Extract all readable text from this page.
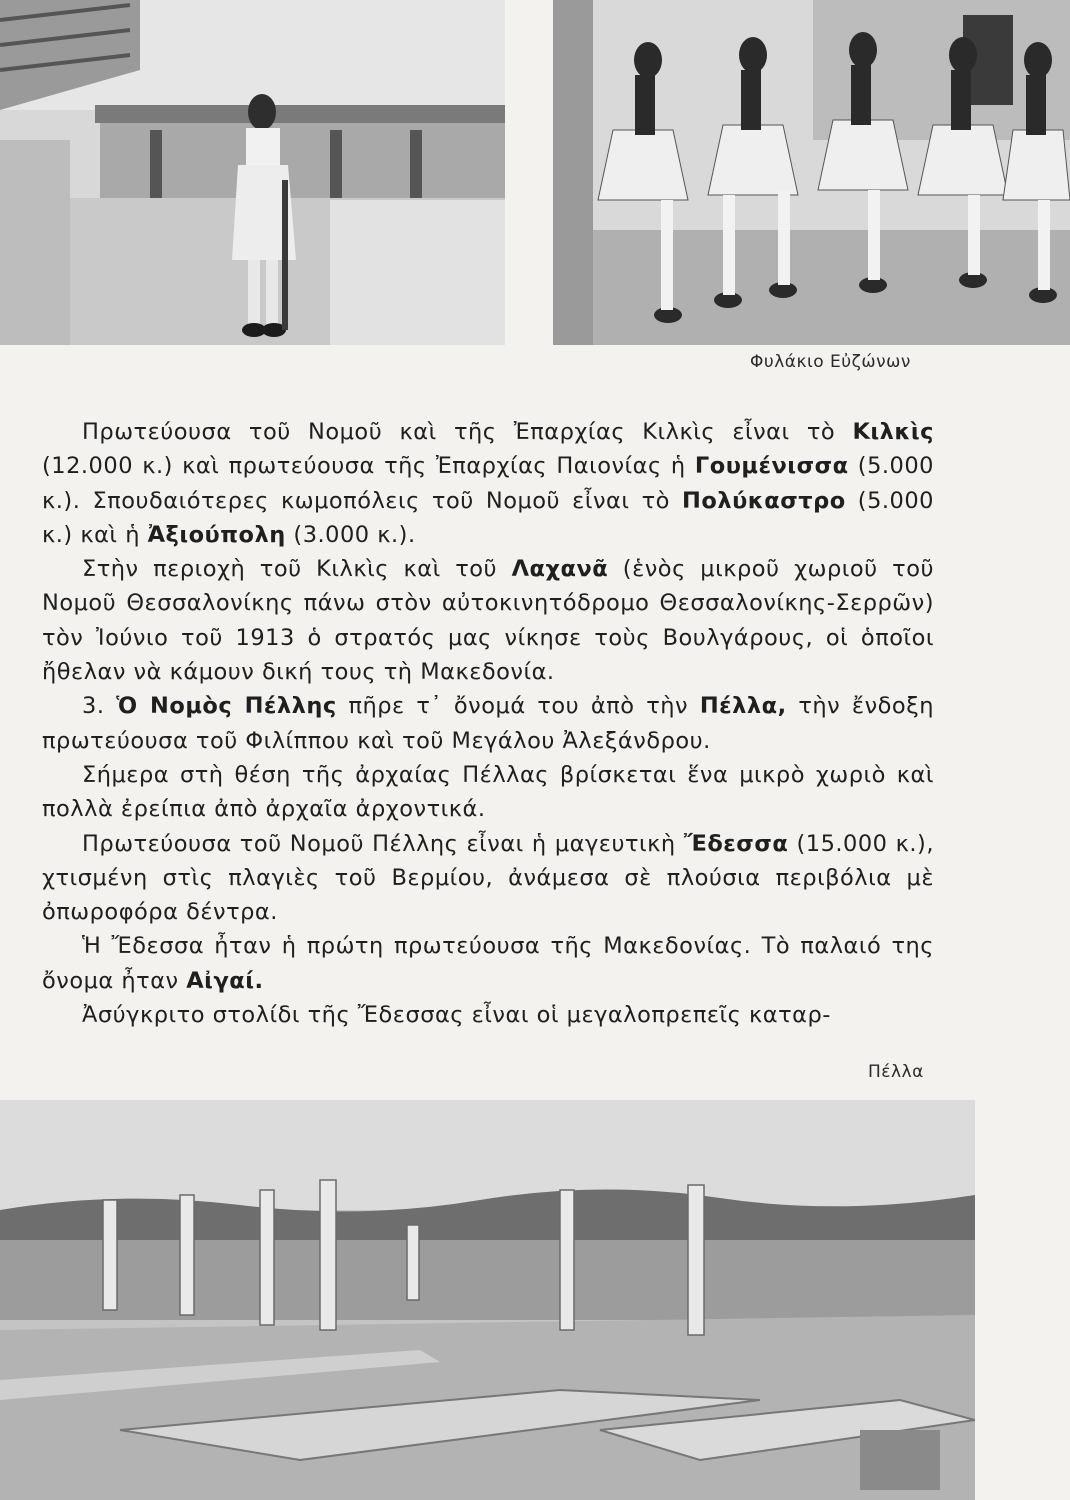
Φυλάκιο Εὐζώνων

Πρωτεύουσα τοῦ Νομοῦ καὶ τῆς Ἐπαρχίας Κιλκὶς εἶναι τὸ Κιλκὶς (12.000 κ.) καὶ πρωτεύουσα τῆς Ἐπαρχίας Παιονίας ἡ Γουμένισσα (5.000 κ.). Σπουδαιότερες κωμοπόλεις τοῦ Νομοῦ εἶναι τὸ Πολύκαστρο (5.000 κ.) καὶ ἡ Ἀξιούπολη (3.000 κ.).

Στὴν περιοχὴ τοῦ Κιλκὶς καὶ τοῦ Λαχανᾶ (ἑνὸς μικροῦ χωριοῦ τοῦ Νομοῦ Θεσσαλονίκης πάνω στὸν αὐτοκινητόδρομο Θεσσαλονίκης-Σερρῶν) τὸν Ἰούνιο τοῦ 1913 ὁ στρατός μας νίκησε τοὺς Βουλγάρους, οἱ ὁποῖοι ἤθελαν νὰ κάμουν δική τους τὴ Μακεδονία.

3. Ὁ Νομὸς Πέλλης πῆρε τ᾿ ὄνομά του ἀπὸ τὴν Πέλλα, τὴν ἔνδοξη πρωτεύουσα τοῦ Φιλίππου καὶ τοῦ Μεγάλου Ἀλεξάνδρου.

Σήμερα στὴ θέση τῆς ἀρχαίας Πέλλας βρίσκεται ἕνα μικρὸ χωριὸ καὶ πολλὰ ἐρείπια ἀπὸ ἀρχαῖα ἀρχοντικά.

Πρωτεύουσα τοῦ Νομοῦ Πέλλης εἶναι ἡ μαγευτικὴ Ἔδεσσα (15.000 κ.), χτισμένη στὶς πλαγιὲς τοῦ Βερμίου, ἀνάμεσα σὲ πλούσια περιβόλια μὲ ὀπωροφόρα δέντρα.

Ἡ Ἔδεσσα ἦταν ἡ πρώτη πρωτεύουσα τῆς Μακεδονίας. Τὸ παλαιό της ὄνομα ἦταν Αἰγαί.

Ἀσύγκριτο στολίδι τῆς Ἔδεσσας εἶναι οἱ μεγαλοπρεπεῖς καταρ-

Πέλλα
